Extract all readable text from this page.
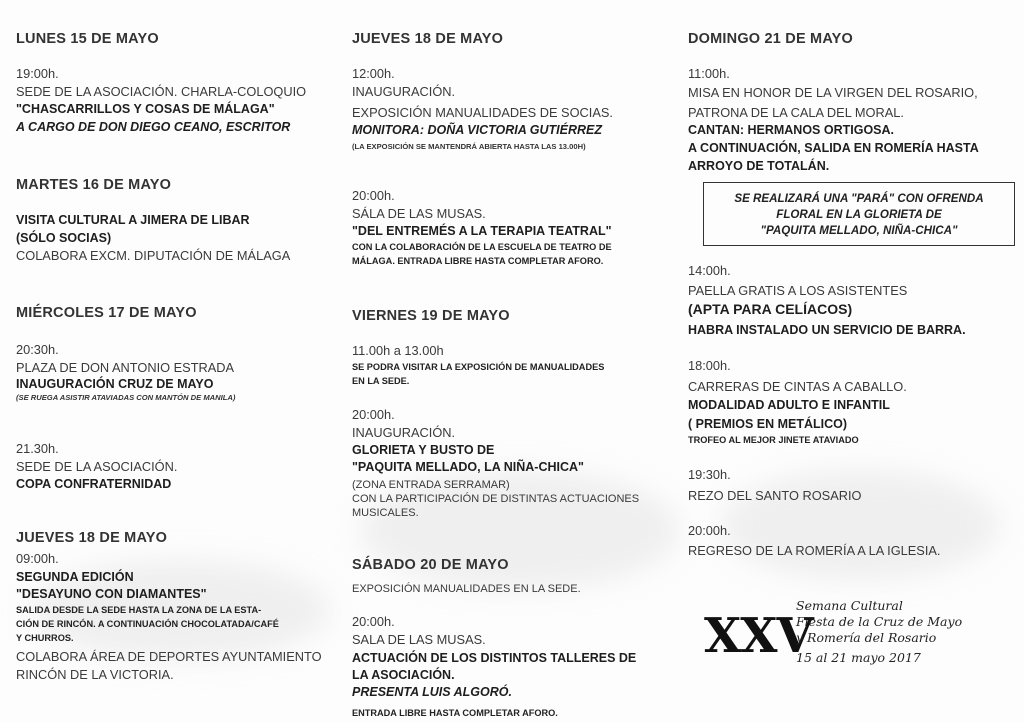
LUNES 15 DE MAYO
19:00h.
SEDE DE LA ASOCIACIÓN. CHARLA-COLOQUIO
"CHASCARRILLOS Y COSAS DE MÁLAGA"
A CARGO DE DON DIEGO CEANO, ESCRITOR
MARTES 16 DE MAYO
VISITA CULTURAL A JIMERA DE LIBAR
(SÓLO SOCIAS)
COLABORA EXCM. DIPUTACIÓN DE MÁLAGA
MIÉRCOLES 17 DE MAYO
20:30h.
PLAZA DE DON ANTONIO ESTRADA
INAUGURACIÓN CRUZ DE MAYO
(SE RUEGA ASISTIR ATAVIADAS CON MANTÓN DE MANILA)
21.30h.
SEDE DE LA ASOCIACIÓN.
COPA CONFRATERNIDAD
JUEVES 18 DE MAYO
09:00h.
SEGUNDA EDICIÓN
"DESAYUNO CON DIAMANTES"
SALIDA DESDE LA SEDE HASTA LA ZONA DE LA ESTA-
CIÓN DE RINCÓN. A CONTINUACIÓN CHOCOLATADA/CAFÉ
Y CHURROS.
COLABORA ÁREA DE DEPORTES AYUNTAMIENTO
RINCÓN DE LA VICTORIA.
JUEVES 18 DE MAYO
12:00h.
INAUGURACIÓN.
EXPOSICIÓN MANUALIDADES DE SOCIAS.
MONITORA: DOÑA VICTORIA GUTIÉRREZ
(LA EXPOSICIÓN SE MANTENDRÁ ABIERTA HASTA LAS 13.00H)
20:00h.
SÁLA DE LAS MUSAS.
"DEL ENTREMÉS A LA TERAPIA TEATRAL"
CON LA COLABORACIÓN DE LA ESCUELA DE TEATRO DE
MÁLAGA. ENTRADA LIBRE HASTA COMPLETAR AFORO.
VIERNES 19 DE MAYO
11.00h a 13.00h
SE PODRA VISITAR LA EXPOSICIÓN DE MANUALIDADES
EN LA SEDE.
20:00h.
INAUGURACIÓN.
GLORIETA Y BUSTO DE
"PAQUITA MELLADO, LA NIÑA-CHICA"
(ZONA ENTRADA SERRAMAR)
CON LA PARTICIPACIÓN DE DISTINTAS ACTUACIONES
MUSICALES.
SÁBADO 20 DE MAYO
EXPOSICIÓN MANUALIDADES EN LA SEDE.
20:00h.
SALA DE LAS MUSAS.
ACTUACIÓN DE LOS DISTINTOS TALLERES DE
LA ASOCIACIÓN.
PRESENTA LUIS ALGORÓ.
ENTRADA LIBRE HASTA COMPLETAR AFORO.
DOMINGO 21 DE MAYO
11:00h.
MISA EN HONOR DE LA VIRGEN DEL ROSARIO,
PATRONA DE LA CALA DEL MORAL.
CANTAN: HERMANOS ORTIGOSA.
A CONTINUACIÓN, SALIDA EN ROMERÍA HASTA
ARROYO DE TOTALÁN.
SE REALIZARÁ UNA "PARÁ" CON OFRENDA
FLORAL EN LA GLORIETA DE
"PAQUITA MELLADO, NIÑA-CHICA"
14:00h.
PAELLA GRATIS A LOS ASISTENTES
(APTA PARA CELÍACOS)
HABRA INSTALADO UN SERVICIO DE BARRA.
18:00h.
CARRERAS DE CINTAS A CABALLO.
MODALIDAD ADULTO E INFANTIL
( PREMIOS EN METÁLICO)
TROFEO AL MEJOR JINETE ATAVIADO
19:30h.
REZO DEL SANTO ROSARIO
20:00h.
REGRESO DE LA ROMERÍA A LA IGLESIA.
XXV
Semana Cultural
Fiesta de la Cruz de Mayo
y Romería del Rosario
15 al 21 mayo 2017
